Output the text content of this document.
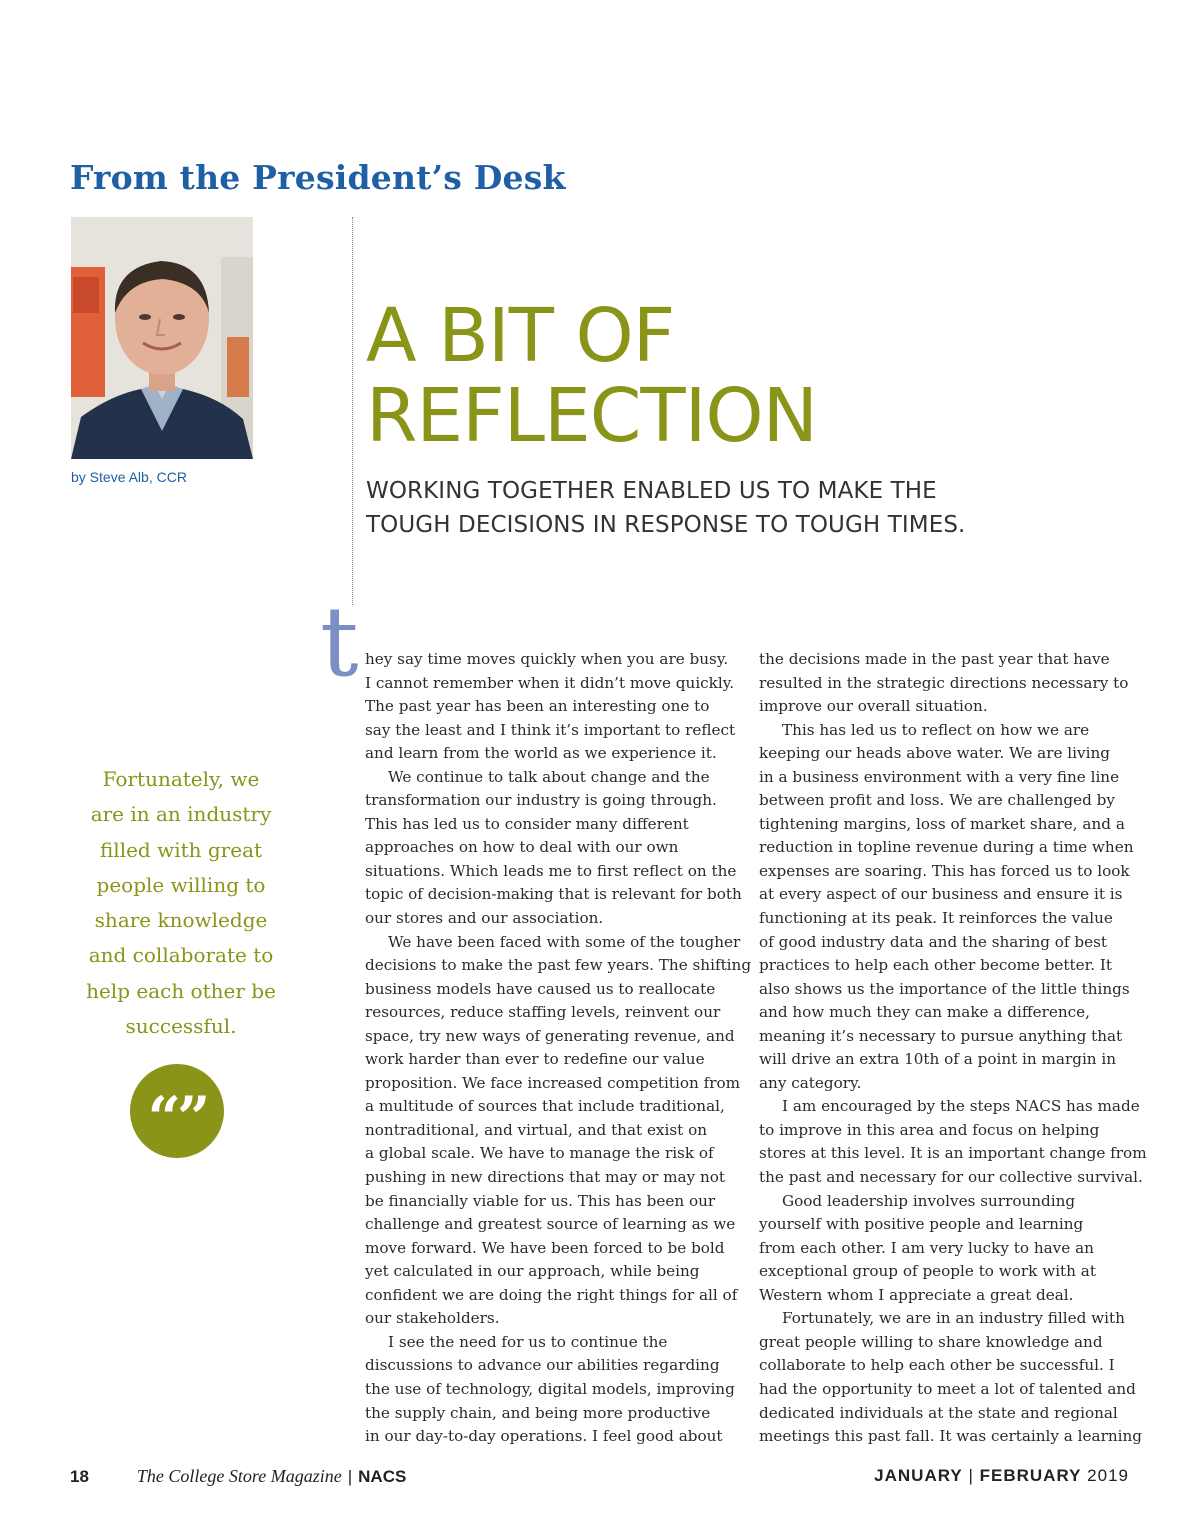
From the President’s Desk
by Steve Alb, CCR
A BIT OF
REFLECTION

WORKING TOGETHER ENABLED US TO MAKE THE
TOUGH DECISIONS IN RESPONSE TO TOUGH TIMES.

Fortunately, we
are in an industry
filled with great
people willing to
share knowledge
and collaborate to
help each other be
successful.
“”
t hey say time moves quickly when you are busy.
I cannot remember when it didn’t move quickly.
The past year has been an interesting one to
say the least and I think it’s important to reflect
and learn from the world as we experience it.
We continue to talk about change and the
transformation our industry is going through.
This has led us to consider many different
approaches on how to deal with our own
situations. Which leads me to first reflect on the
topic of decision-making that is relevant for both
our stores and our association.
We have been faced with some of the tougher
decisions to make the past few years. The shifting
business models have caused us to reallocate
resources, reduce staffing levels, reinvent our
space, try new ways of generating revenue, and
work harder than ever to redefine our value
proposition. We face increased competition from
a multitude of sources that include traditional,
nontraditional, and virtual, and that exist on
a global scale. We have to manage the risk of
pushing in new directions that may or may not
be financially viable for us. This has been our
challenge and greatest source of learning as we
move forward. We have been forced to be bold
yet calculated in our approach, while being
confident we are doing the right things for all of
our stakeholders.
I see the need for us to continue the
discussions to advance our abilities regarding
the use of technology, digital models, improving
the supply chain, and being more productive
in our day-to-day operations. I feel good about
the decisions made in the past year that have
resulted in the strategic directions necessary to
improve our overall situation.
This has led us to reflect on how we are
keeping our heads above water. We are living
in a business environment with a very fine line
between profit and loss. We are challenged by
tightening margins, loss of market share, and a
reduction in topline revenue during a time when
expenses are soaring. This has forced us to look
at every aspect of our business and ensure it is
functioning at its peak. It reinforces the value
of good industry data and the sharing of best
practices to help each other become better. It
also shows us the importance of the little things
and how much they can make a difference,
meaning it’s necessary to pursue anything that
will drive an extra 10th of a point in margin in
any category.
I am encouraged by the steps NACS has made
to improve in this area and focus on helping
stores at this level. It is an important change from
the past and necessary for our collective survival.
Good leadership involves surrounding
yourself with positive people and learning
from each other. I am very lucky to have an
exceptional group of people to work with at
Western whom I appreciate a great deal.
Fortunately, we are in an industry filled with
great people willing to share knowledge and
collaborate to help each other be successful. I
had the opportunity to meet a lot of talented and
dedicated individuals at the state and regional
meetings this past fall. It was certainly a learning
18	The College Store Magazine | NACS	JANUARY | FEBRUARY 2019
